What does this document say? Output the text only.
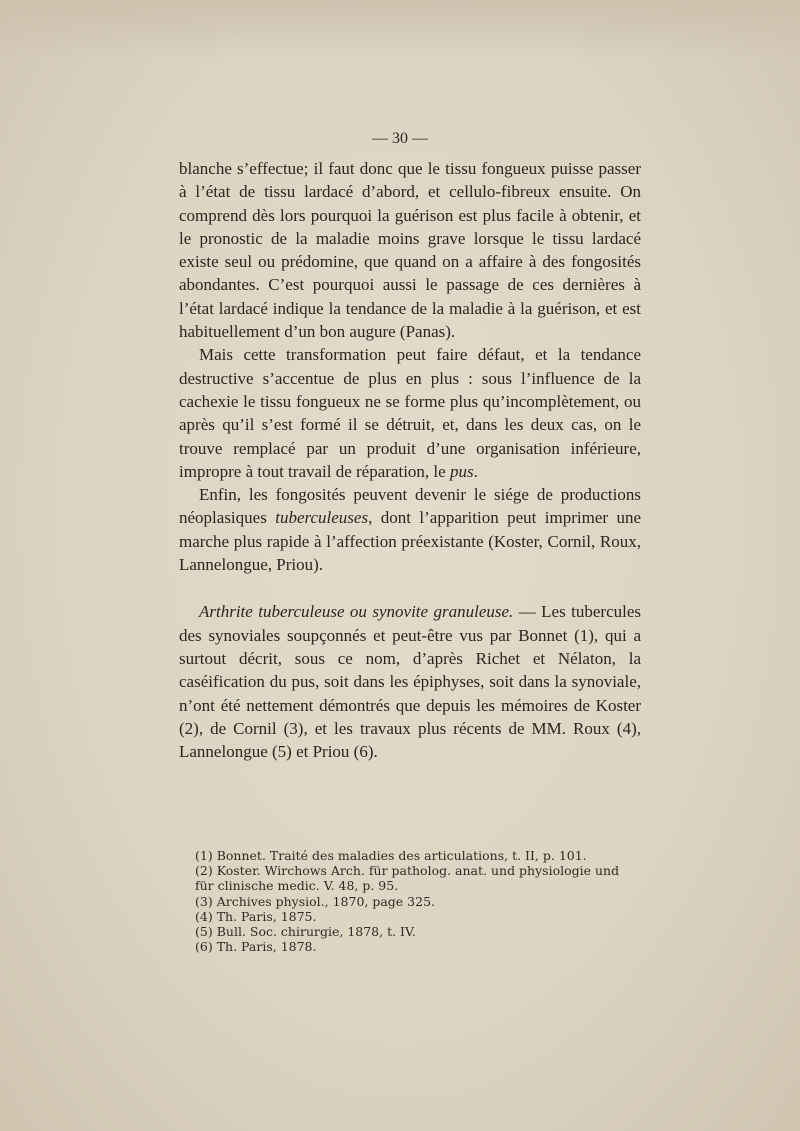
— 30 —

blanche s’effectue; il faut donc que le tissu fongueux puisse passer à l’état de tissu lardacé d’abord, et cellulo-fibreux ensuite. On comprend dès lors pourquoi la guérison est plus facile à obtenir, et le pronostic de la maladie moins grave lorsque le tissu lardacé existe seul ou prédomine, que quand on a affaire à des fongosités abondantes. C’est pourquoi aussi le passage de ces dernières à l’état lardacé indique la tendance de la maladie à la guérison, et est habituellement d’un bon augure (Panas).

Mais cette transformation peut faire défaut, et la tendance destructive s’accentue de plus en plus : sous l’influence de la cachexie le tissu fongueux ne se forme plus qu’incomplètement, ou après qu’il s’est formé il se détruit, et, dans les deux cas, on le trouve remplacé par un produit d’une organisation inférieure, impropre à tout travail de réparation, le pus.

Enfin, les fongosités peuvent devenir le siége de productions néoplasiques tuberculeuses, dont l’apparition peut imprimer une marche plus rapide à l’affection préexistante (Koster, Cornil, Roux, Lannelongue, Priou).

Arthrite tuberculeuse ou synovite granuleuse. — Les tubercules des synoviales soupçonnés et peut-être vus par Bonnet (1), qui a surtout décrit, sous ce nom, d’après Richet et Nélaton, la caséification du pus, soit dans les épiphyses, soit dans la synoviale, n’ont été nettement démontrés que depuis les mémoires de Koster (2), de Cornil (3), et les travaux plus récents de MM. Roux (4), Lannelongue (5) et Priou (6).

(1) Bonnet. Traité des maladies des articulations, t. II, p. 101.

(2) Koster. Wirchows Arch. für patholog. anat. und physiologie und für clinische medic. V. 48, p. 95.

(3) Archives physiol., 1870, page 325.

(4) Th. Paris, 1875.

(5) Bull. Soc. chirurgie, 1878, t. IV.

(6) Th. Paris, 1878.
